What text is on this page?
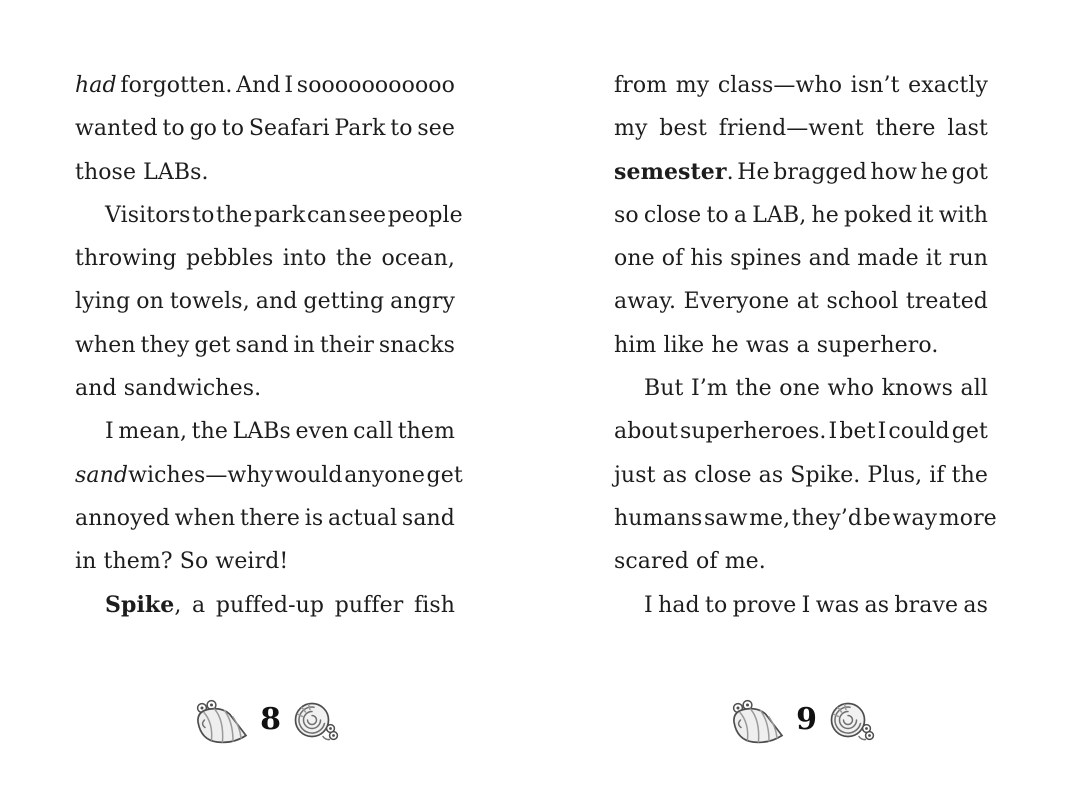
had forgotten. And I sooooooooooo
wanted to go to Seafari Park to see
those LABs.
Visitors to the park can see people
throwing pebbles into the ocean,
lying on towels, and getting angry
when they get sand in their snacks
and sandwiches.
I mean, the LABs even call them
sandwiches—why would anyone get
annoyed when there is actual sand
in them? So weird!
Spike, a puffed-up puffer fish
from my class—who isn’t exactly
my best friend—went there last
semester. He bragged how he got
so close to a LAB, he poked it with
one of his spines and made it run
away. Everyone at school treated
him like he was a superhero.
But I’m the one who knows all
about superheroes. I bet I could get
just as close as Spike. Plus, if the
humans saw me, they’d be way more
scared of me.
I had to prove I was as brave as
8	9
